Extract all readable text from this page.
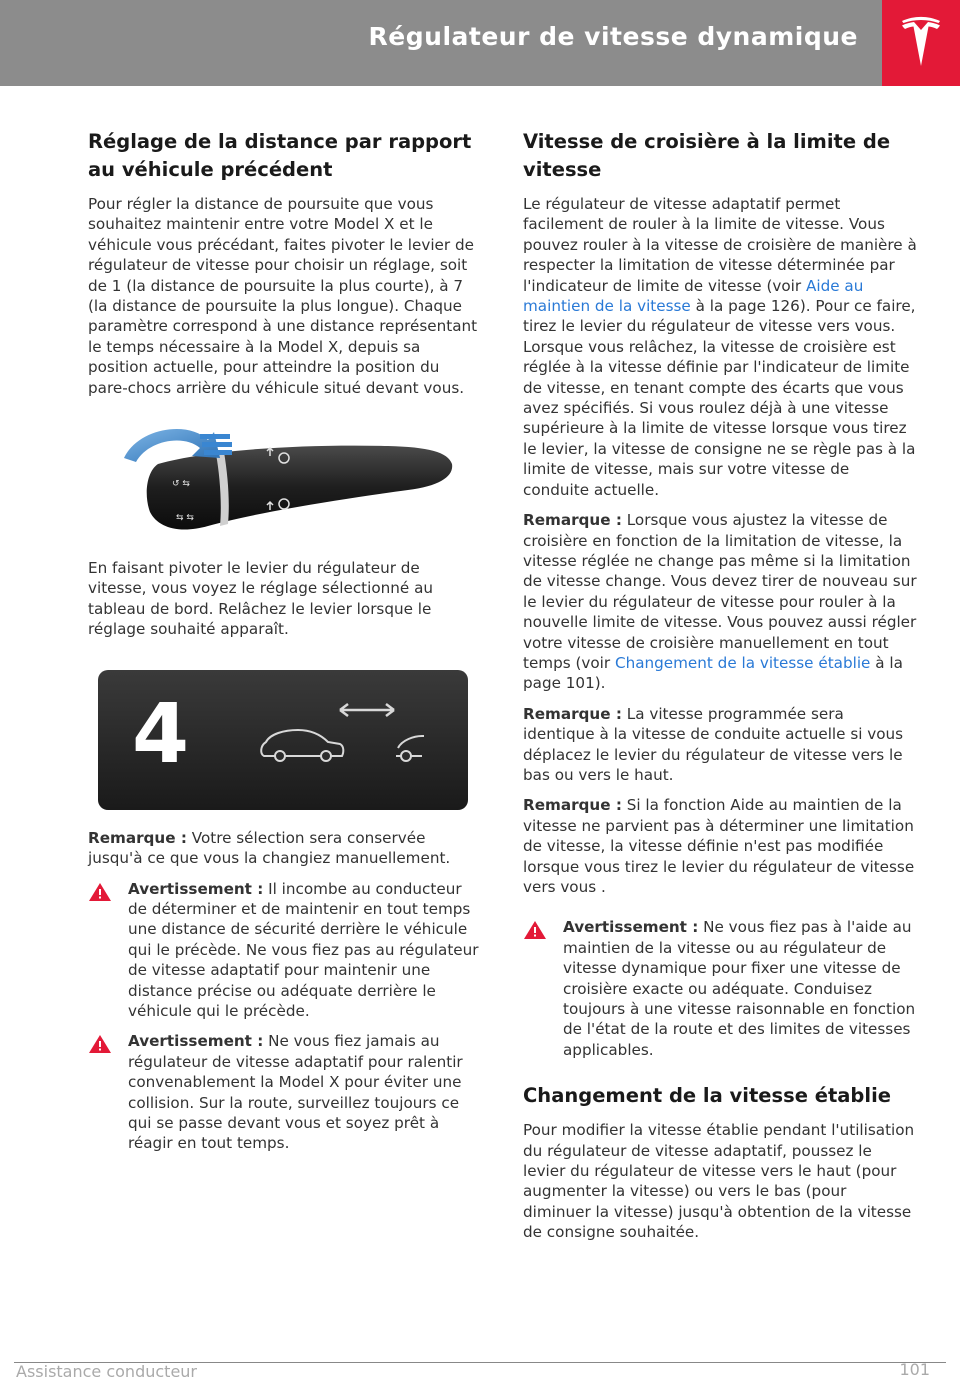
Régulateur de vitesse dynamique
Réglage de la distance par rapport au véhicule précédent

Pour régler la distance de poursuite que vous souhaitez maintenir entre votre Model X et le véhicule vous précédant, faites pivoter le levier de régulateur de vitesse pour choisir un réglage, soit de 1 (la distance de poursuite la plus courte), à 7 (la distance de poursuite la plus longue). Chaque paramètre correspond à une distance représentant le temps nécessaire à la Model X, depuis sa position actuelle, pour atteindre la position du pare-chocs arrière du véhicule situé devant vous.

↺ ⇆
⇆ ⇆

En faisant pivoter le levier du régulateur de vitesse, vous voyez le réglage sélectionné au tableau de bord. Relâchez le levier lorsque le réglage souhaité apparaît.

4

Remarque : Votre sélection sera conservée jusqu'à ce que vous la changiez manuellement.

Avertissement : Il incombe au conducteur de déterminer et de maintenir en tout temps une distance de sécurité derrière le véhicule qui le précède. Ne vous fiez pas au régulateur de vitesse adaptatif pour maintenir une distance précise ou adéquate derrière le véhicule qui le précède.

Avertissement : Ne vous fiez jamais au régulateur de vitesse adaptatif pour ralentir convenablement la Model X pour éviter une collision. Sur la route, surveillez toujours ce qui se passe devant vous et soyez prêt à réagir en tout temps.

Vitesse de croisière à la limite de vitesse

Le régulateur de vitesse adaptatif permet facilement de rouler à la limite de vitesse. Vous pouvez rouler à la vitesse de croisière de manière à respecter la limitation de vitesse déterminée par l'indicateur de limite de vitesse (voir Aide au maintien de la vitesse à la page 126). Pour ce faire, tirez le levier du régulateur de vitesse vers vous. Lorsque vous relâchez, la vitesse de croisière est réglée à la vitesse définie par l'indicateur de limite de vitesse, en tenant compte des écarts que vous avez spécifiés. Si vous roulez déjà à une vitesse supérieure à la limite de vitesse lorsque vous tirez le levier, la vitesse de consigne ne se règle pas à la limite de vitesse, mais sur votre vitesse de conduite actuelle.

Remarque : Lorsque vous ajustez la vitesse de croisière en fonction de la limitation de vitesse, la vitesse réglée ne change pas même si la limitation de vitesse change. Vous devez tirer de nouveau sur le levier du régulateur de vitesse pour rouler à la nouvelle limite de vitesse. Vous pouvez aussi régler votre vitesse de croisière manuellement en tout temps (voir Changement de la vitesse établie à la page 101).

Remarque : La vitesse programmée sera identique à la vitesse de conduite actuelle si vous déplacez le levier du régulateur de vitesse vers le bas ou vers le haut.

Remarque : Si la fonction Aide au maintien de la vitesse ne parvient pas à déterminer une limitation de vitesse, la vitesse définie n'est pas modifiée lorsque vous tirez le levier du régulateur de vitesse vers vous .

Avertissement : Ne vous fiez pas à l'aide au maintien de la vitesse ou au régulateur de vitesse dynamique pour fixer une vitesse de croisière exacte ou adéquate. Conduisez toujours à une vitesse raisonnable en fonction de l'état de la route et des limites de vitesses applicables.

Changement de la vitesse établie

Pour modifier la vitesse établie pendant l'utilisation du régulateur de vitesse adaptatif, poussez le levier du régulateur de vitesse vers le haut (pour augmenter la vitesse) ou vers le bas (pour diminuer la vitesse) jusqu'à obtention de la vitesse de consigne souhaitée.

Assistance conducteur	101
